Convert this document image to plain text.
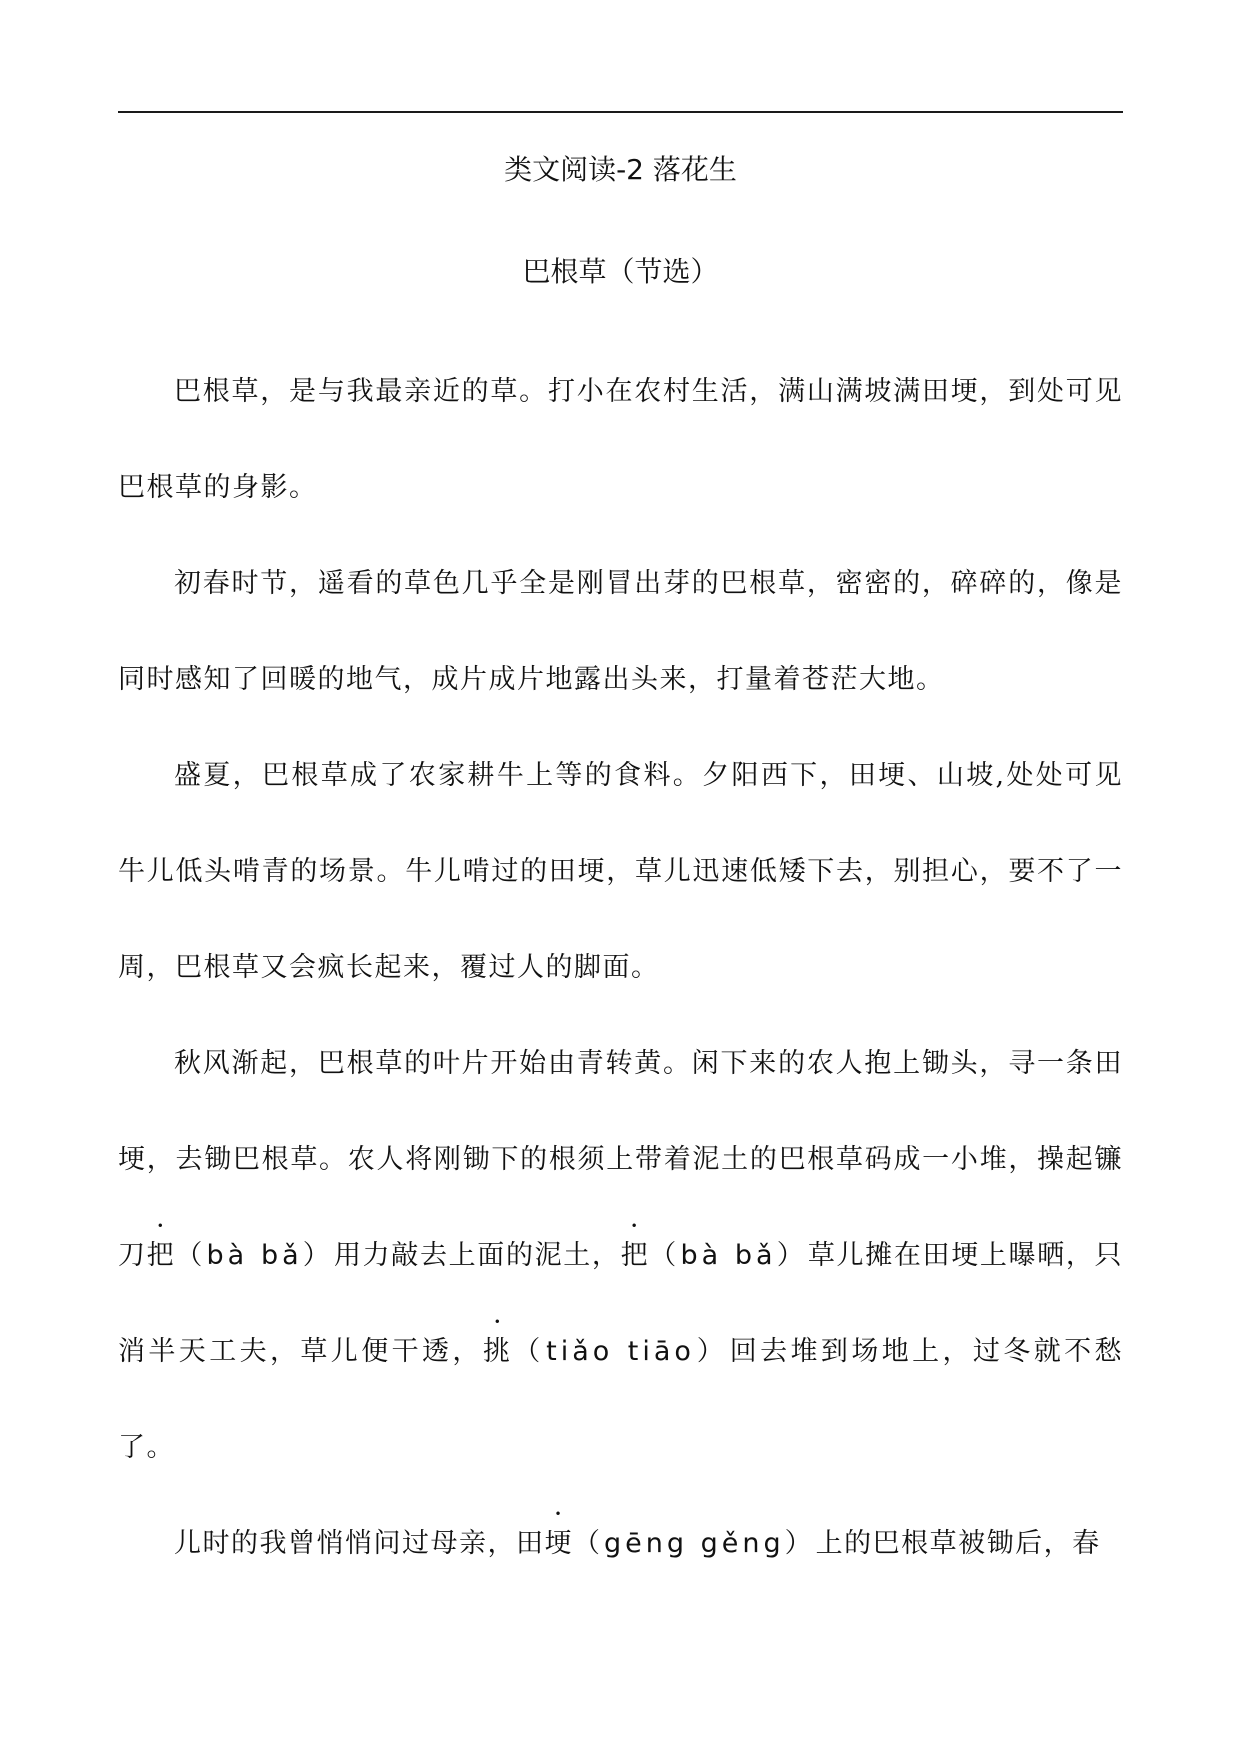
类文阅读-2 落花生
巴根草（节选）

巴根草，是与我最亲近的草。打小在农村生活，满山满坡满田埂，到处可见巴根草的身影。

初春时节，遥看的草色几乎全是刚冒出芽的巴根草，密密的，碎碎的，像是同时感知了回暖的地气，成片成片地露出头来，打量着苍茫大地。

盛夏，巴根草成了农家耕牛上等的食料。夕阳西下，田埂、山坡,处处可见牛儿低头啃青的场景。牛儿啃过的田埂，草儿迅速低矮下去，别担心，要不了一周，巴根草又会疯长起来，覆过人的脚面。

秋风渐起，巴根草的叶片开始由青转黄。闲下来的农人抱上锄头，寻一条田埂，去锄巴根草。农人将刚锄下的根须上带着泥土的巴根草码成一小堆，操起镰刀把（bà bǎ）用力敲去上面的泥土，把（bà bǎ）草儿摊在田埂上曝晒，只消半天工夫，草儿便干透，挑（tiǎo tiāo）回去堆到场地上，过冬就不愁了。

儿时的我曾悄悄问过母亲，田埂（gēng gěng）上的巴根草被锄后，春
